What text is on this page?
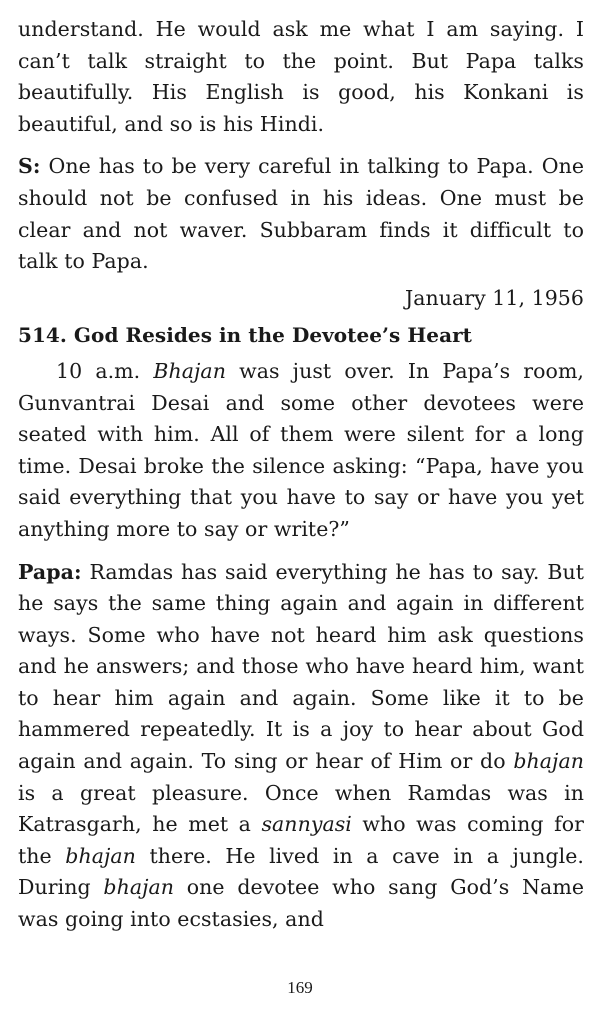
understand. He would ask me what I am saying. I can’t talk straight to the point. But Papa talks beautifully. His English is good, his Konkani is beautiful, and so is his Hindi.

S: One has to be very careful in talking to Papa. One should not be confused in his ideas. One must be clear and not waver. Subbaram finds it difficult to talk to Papa.

January 11, 1956

514. God Resides in the Devotee’s Heart

10 a.m. Bhajan was just over. In Papa’s room, Gunvantrai Desai and some other devotees were seated with him. All of them were silent for a long time. Desai broke the silence asking: “Papa, have you said everything that you have to say or have you yet anything more to say or write?”

Papa: Ramdas has said everything he has to say. But he says the same thing again and again in different ways. Some who have not heard him ask questions and he answers; and those who have heard him, want to hear him again and again. Some like it to be hammered repeatedly. It is a joy to hear about God again and again. To sing or hear of Him or do bhajan is a great pleasure. Once when Ramdas was in Katrasgarh, he met a sannyasi who was coming for the bhajan there. He lived in a cave in a jungle. During bhajan one devotee who sang God’s Name was going into ecstasies, and

169
